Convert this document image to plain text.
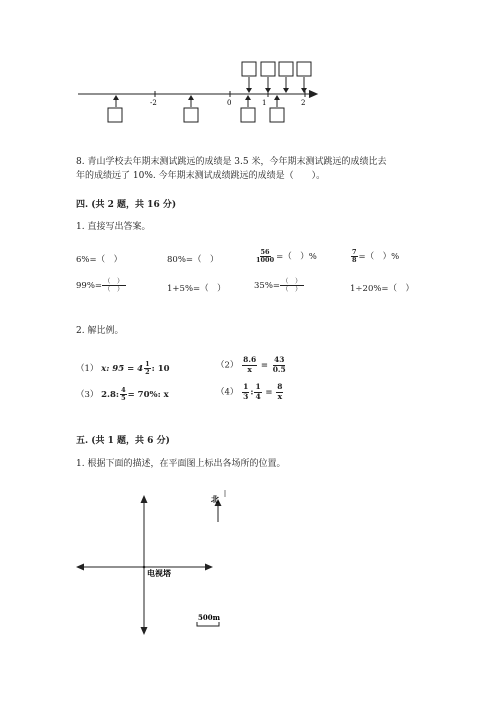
-2	0	1	2
8. 青山学校去年期末测试跳远的成绩是 3.5 米，今年期末测试跳远的成绩比去
年的成绩远了 10%. 今年期末测试成绩跳远的成绩是（　　）。
四. (共 2 题，共 16 分)
1. 直接写出答案。
6%=（　）	80%=（　）	$\frac{56}{1000}$ =（　）%	$\frac{7}{8}$ =（　）%
$99\%= \frac{( )}{( )}$	1+5%=（　）	$35\%= \frac{( )}{( )}$	1÷20%=（　）
2. 解比例。
（1） x: $95 = 4 \frac{1}{2}$ : 10	$(2) \frac{8.6}{x} = \frac{43}{0.5}$
（3） 2.8: $\frac{4}{5} = 70\%$: x	$(4) \frac{1}{3}$ : $\frac{1}{4} = \frac{8}{x}$
五. (共 1 题，共 6 分)
1. 根据下面的描述，在平面图上标出各场所的位置。
北
电视塔
500m
